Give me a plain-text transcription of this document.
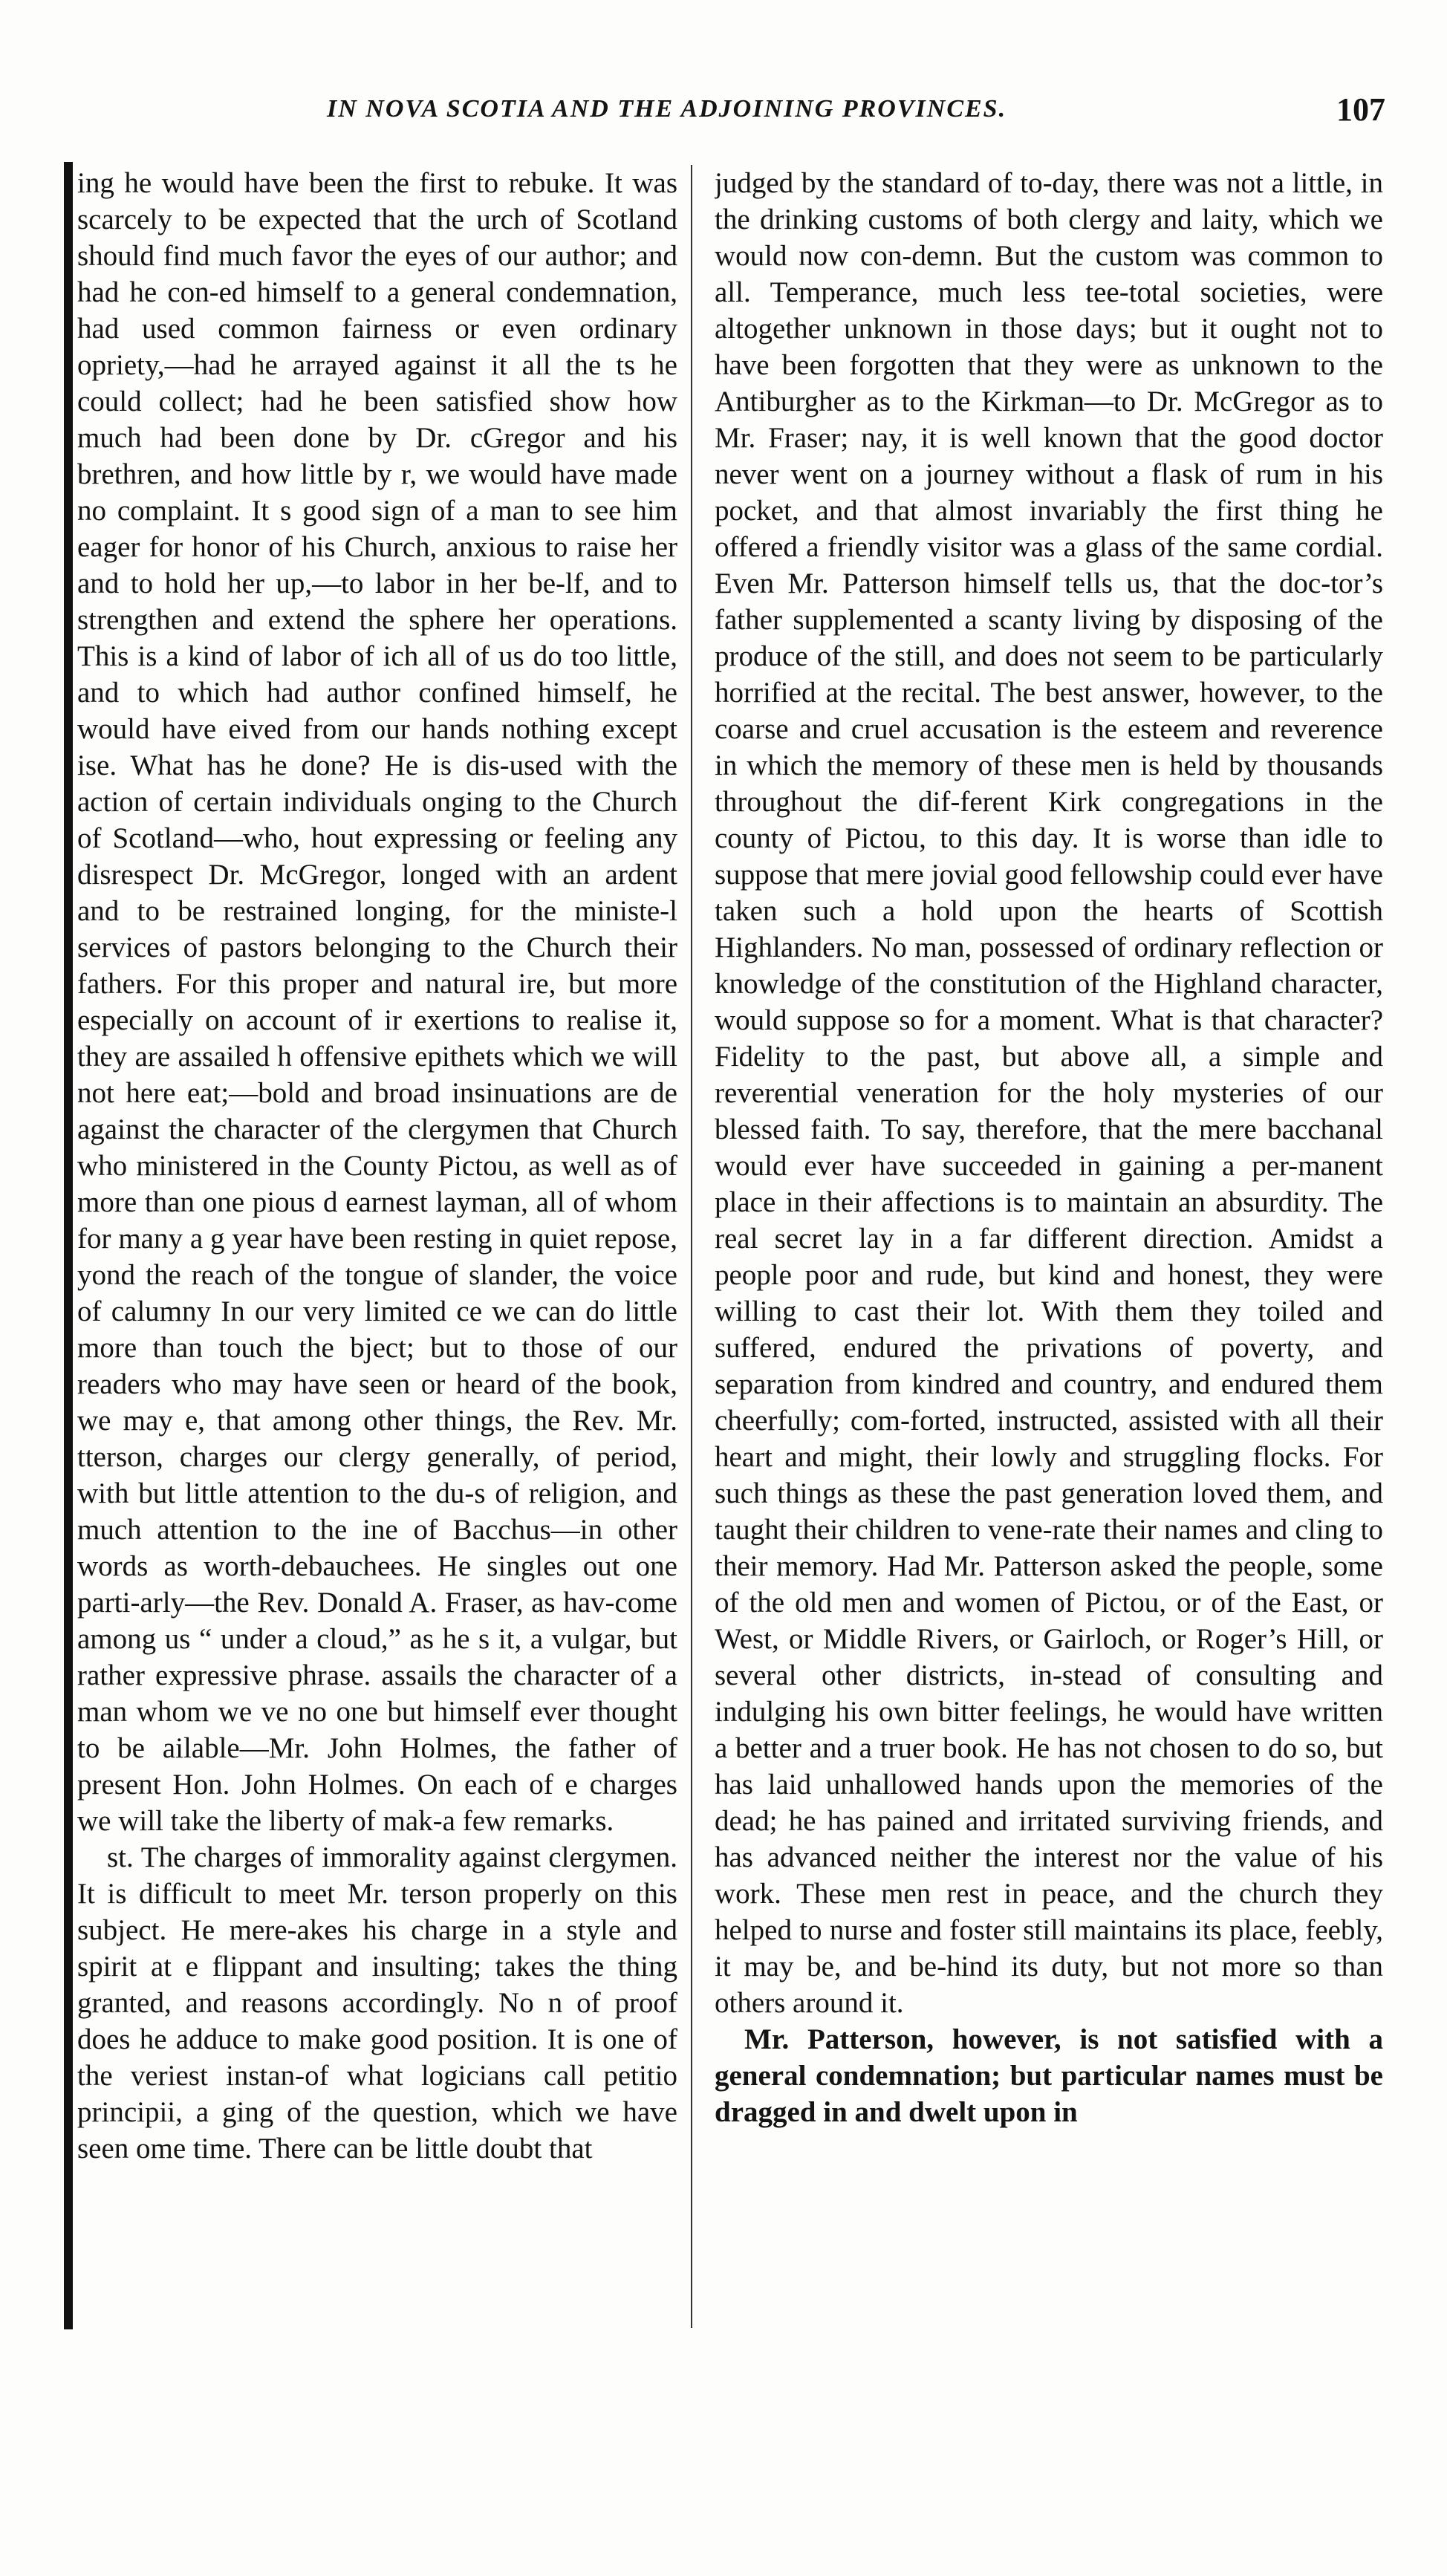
IN NOVA SCOTIA AND THE ADJOINING PROVINCES.	107

ing he would have been the first to rebuke. It was scarcely to be expected that the urch of Scotland should find much favor the eyes of our author; and had he con-ed himself to a general condemnation, had used common fairness or even ordinary opriety,—had he arrayed against it all the ts he could collect; had he been satisfied show how much had been done by Dr. cGregor and his brethren, and how little by r, we would have made no complaint. It s good sign of a man to see him eager for honor of his Church, anxious to raise her and to hold her up,—to labor in her be-lf, and to strengthen and extend the sphere her operations. This is a kind of labor of ich all of us do too little, and to which had author confined himself, he would have eived from our hands nothing except ise. What has he done? He is dis-used with the action of certain individuals onging to the Church of Scotland—who, hout expressing or feeling any disrespect Dr. McGregor, longed with an ardent and to be restrained longing, for the ministe-l services of pastors belonging to the Church their fathers. For this proper and natural ire, but more especially on account of ir exertions to realise it, they are assailed h offensive epithets which we will not here eat;—bold and broad insinuations are de against the character of the clergymen that Church who ministered in the County Pictou, as well as of more than one pious d earnest layman, all of whom for many a g year have been resting in quiet repose, yond the reach of the tongue of slander, the voice of calumny In our very limited ce we can do little more than touch the bject; but to those of our readers who may have seen or heard of the book, we may e, that among other things, the Rev. Mr. tterson, charges our clergy generally, of period, with but little attention to the du-s of religion, and much attention to the ine of Bacchus—in other words as worth-debauchees. He singles out one parti-arly—the Rev. Donald A. Fraser, as hav-come among us “ under a cloud,” as he s it, a vulgar, but rather expressive phrase. assails the character of a man whom we ve no one but himself ever thought to be ailable—Mr. John Holmes, the father of present Hon. John Holmes. On each of e charges we will take the liberty of mak-a few remarks.

st. The charges of immorality against clergymen. It is difficult to meet Mr. terson properly on this subject. He mere-akes his charge in a style and spirit at e flippant and insulting; takes the thing granted, and reasons accordingly. No n of proof does he adduce to make good position. It is one of the veriest instan-of what logicians call petitio principii, a ging of the question, which we have seen ome time. There can be little doubt that

judged by the standard of to-day, there was not a little, in the drinking customs of both clergy and laity, which we would now con-demn. But the custom was common to all. Temperance, much less tee-total societies, were altogether unknown in those days; but it ought not to have been forgotten that they were as unknown to the Antiburgher as to the Kirkman—to Dr. McGregor as to Mr. Fraser; nay, it is well known that the good doctor never went on a journey without a flask of rum in his pocket, and that almost invariably the first thing he offered a friendly visitor was a glass of the same cordial. Even Mr. Patterson himself tells us, that the doc-tor’s father supplemented a scanty living by disposing of the produce of the still, and does not seem to be particularly horrified at the recital. The best answer, however, to the coarse and cruel accusation is the esteem and reverence in which the memory of these men is held by thousands throughout the dif-ferent Kirk congregations in the county of Pictou, to this day. It is worse than idle to suppose that mere jovial good fellowship could ever have taken such a hold upon the hearts of Scottish Highlanders. No man, possessed of ordinary reflection or knowledge of the constitution of the Highland character, would suppose so for a moment. What is that character? Fidelity to the past, but above all, a simple and reverential veneration for the holy mysteries of our blessed faith. To say, therefore, that the mere bacchanal would ever have succeeded in gaining a per-manent place in their affections is to maintain an absurdity. The real secret lay in a far different direction. Amidst a people poor and rude, but kind and honest, they were willing to cast their lot. With them they toiled and suffered, endured the privations of poverty, and separation from kindred and country, and endured them cheerfully; com-forted, instructed, assisted with all their heart and might, their lowly and struggling flocks. For such things as these the past generation loved them, and taught their children to vene-rate their names and cling to their memory. Had Mr. Patterson asked the people, some of the old men and women of Pictou, or of the East, or West, or Middle Rivers, or Gairloch, or Roger’s Hill, or several other districts, in-stead of consulting and indulging his own bitter feelings, he would have written a better and a truer book. He has not chosen to do so, but has laid unhallowed hands upon the memories of the dead; he has pained and irritated surviving friends, and has advanced neither the interest nor the value of his work. These men rest in peace, and the church they helped to nurse and foster still maintains its place, feebly, it may be, and be-hind its duty, but not more so than others around it.

Mr. Patterson, however, is not satisfied with a general condemnation; but particular names must be dragged in and dwelt upon in
